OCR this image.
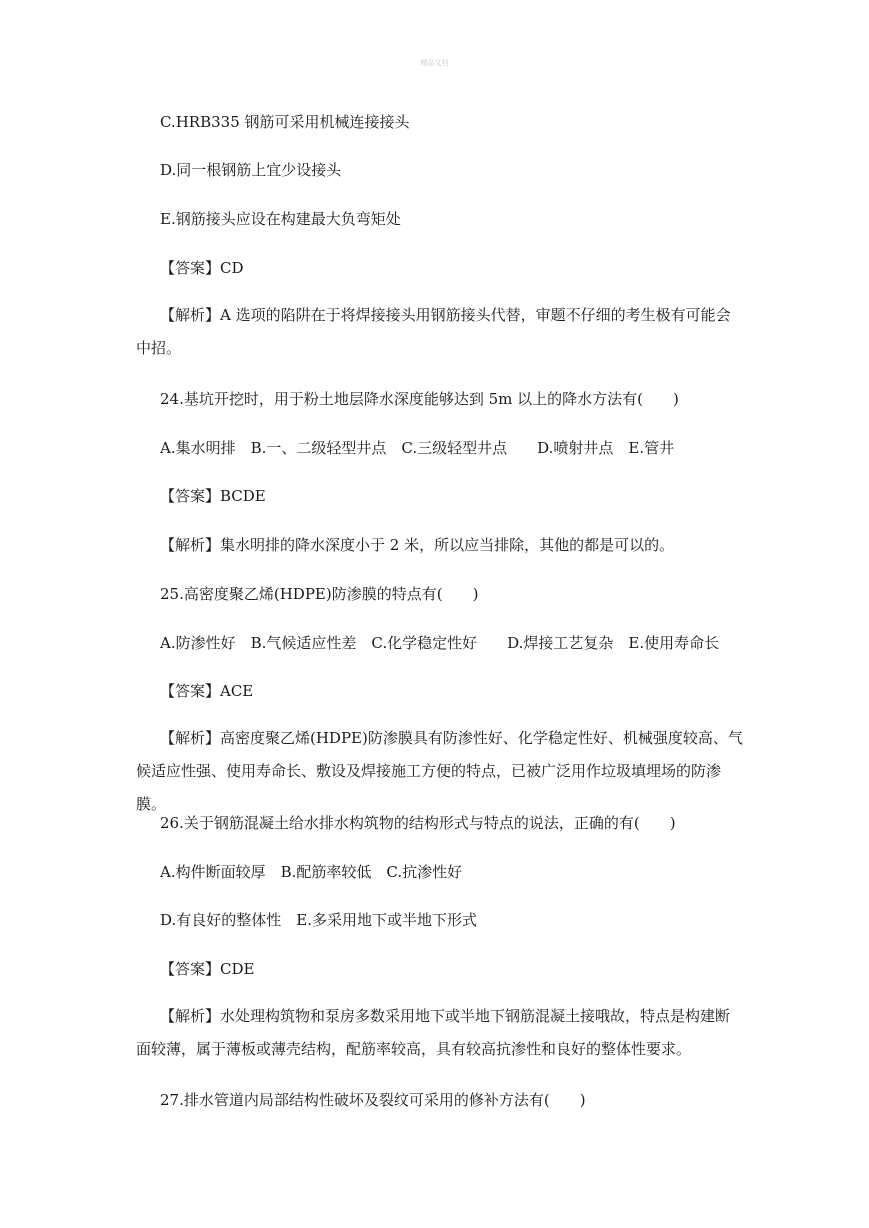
精品文档
C.HRB335 钢筋可采用机械连接接头
D.同一根钢筋上宜少设接头
E.钢筋接头应设在构建最大负弯矩处
【答案】CD

【解析】A 选项的陷阱在于将焊接接头用钢筋接头代替，审题不仔细的考生极有可能会中招。

24.基坑开挖时，用于粉土地层降水深度能够达到 5m 以上的降水方法有(　　)
A.集水明排　B.一、二级轻型井点　C.三级轻型井点　　D.喷射井点　E.管井
【答案】BCDE
【解析】集水明排的降水深度小于 2 米，所以应当排除，其他的都是可以的。
25.高密度聚乙烯(HDPE)防渗膜的特点有(　　)
A.防渗性好　B.气候适应性差　C.化学稳定性好　　D.焊接工艺复杂　E.使用寿命长
【答案】ACE

【解析】高密度聚乙烯(HDPE)防渗膜具有防渗性好、化学稳定性好、机械强度较高、气候适应性强、使用寿命长、敷设及焊接施工方便的特点，已被广泛用作垃圾填埋场的防渗膜。

26.关于钢筋混凝土给水排水构筑物的结构形式与特点的说法，正确的有(　　)
A.构件断面较厚　B.配筋率较低　C.抗渗性好
D.有良好的整体性　E.多采用地下或半地下形式
【答案】CDE

【解析】水处理构筑物和泵房多数采用地下或半地下钢筋混凝土接哦故，特点是构建断面较薄，属于薄板或薄壳结构，配筋率较高，具有较高抗渗性和良好的整体性要求。

27.排水管道内局部结构性破坏及裂纹可采用的修补方法有(　　)
